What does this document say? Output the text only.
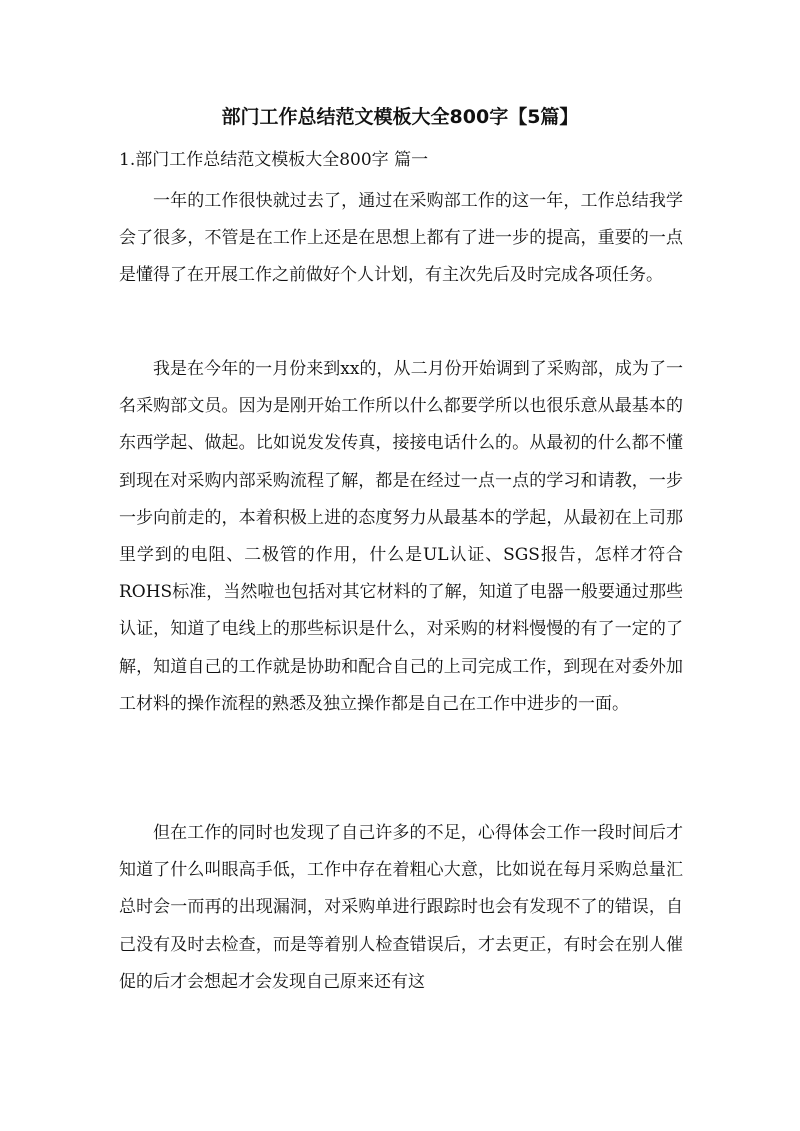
部门工作总结范文模板大全800字【5篇】

1.部门工作总结范文模板大全800字 篇一

一年的工作很快就过去了，通过在采购部工作的这一年，工作总结我学会了很多，不管是在工作上还是在思想上都有了进一步的提高，重要的一点是懂得了在开展工作之前做好个人计划，有主次先后及时完成各项任务。

我是在今年的一月份来到xx的，从二月份开始调到了采购部，成为了一名采购部文员。因为是刚开始工作所以什么都要学所以也很乐意从最基本的东西学起、做起。比如说发发传真，接接电话什么的。从最初的什么都不懂到现在对采购内部采购流程了解，都是在经过一点一点的学习和请教，一步一步向前走的，本着积极上进的态度努力从最基本的学起，从最初在上司那里学到的电阻、二极管的作用，什么是UL认证、SGS报告，怎样才符合ROHS标准，当然啦也包括对其它材料的了解，知道了电器一般要通过那些认证，知道了电线上的那些标识是什么，对采购的材料慢慢的有了一定的了解，知道自己的工作就是协助和配合自己的上司完成工作，到现在对委外加工材料的操作流程的熟悉及独立操作都是自己在工作中进步的一面。

但在工作的同时也发现了自己许多的不足，心得体会工作一段时间后才知道了什么叫眼高手低，工作中存在着粗心大意，比如说在每月采购总量汇总时会一而再的出现漏洞，对采购单进行跟踪时也会有发现不了的错误，自己没有及时去检查，而是等着别人检查错误后，才去更正，有时会在别人催促的后才会想起才会发现自己原来还有这
